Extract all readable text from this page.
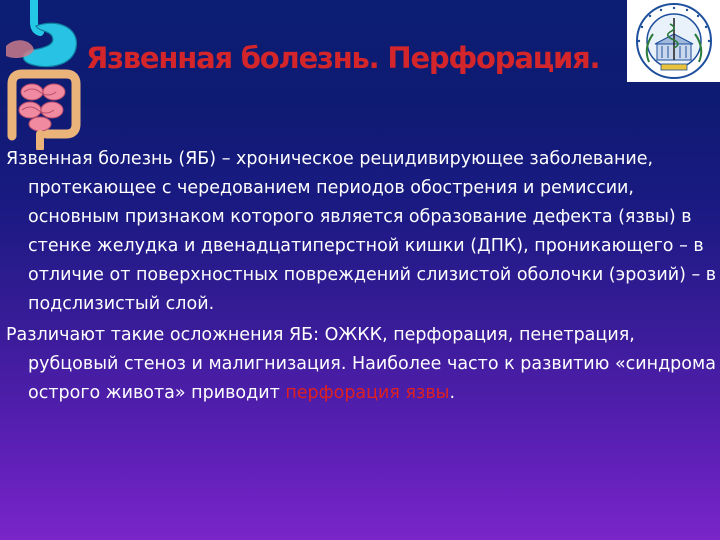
Язвенная болезнь. Перфорация.

Язвенная болезнь (ЯБ) – хроническое рецидивирующее заболевание, протекающее с чередованием периодов обострения и ремиссии, основным признаком которого является образование дефекта (язвы) в стенке желудка и двенадцатиперстной кишки (ДПК), проникающего – в отличие от поверхностных повреждений слизистой оболочки (эрозий) – в подслизистый слой.

Различают такие осложнения ЯБ: ОЖКК, перфорация, пенетрация, рубцовый стеноз и малигнизация. Наиболее часто к развитию «синдрома острого живота» приводит перфорация язвы.
